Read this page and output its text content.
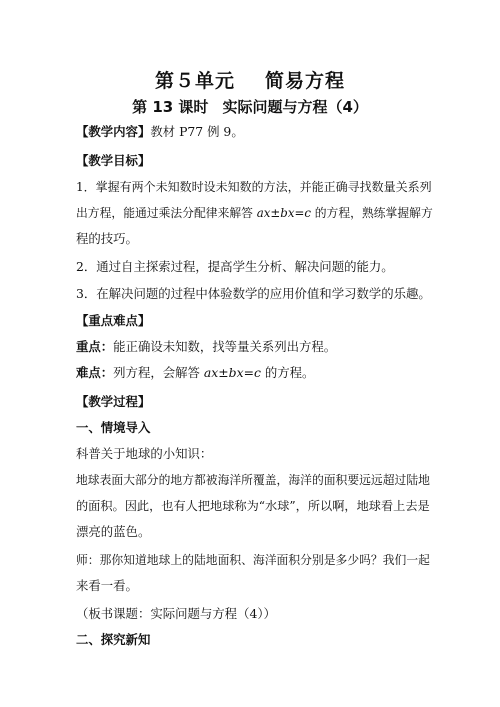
第５单元 简易方程
第 13 课时 实际问题与方程（4）
【教学内容】教材 P77 例 9。
【教学目标】
1．掌握有两个未知数时设未知数的方法，并能正确寻找数量关系列
出方程，能通过乘法分配律来解答 ax±bx=c 的方程，熟练掌握解方
程的技巧。
2．通过自主探索过程，提高学生分析、解决问题的能力。
3．在解决问题的过程中体验数学的应用价值和学习数学的乐趣。
【重点难点】
重点：能正确设未知数，找等量关系列出方程。
难点：列方程，会解答 ax±bx=c 的方程。
【教学过程】
一、情境导入
科普关于地球的小知识：
地球表面大部分的地方都被海洋所覆盖，海洋的面积要远远超过陆地
的面积。因此，也有人把地球称为“水球”，所以啊，地球看上去是
漂亮的蓝色。
师：那你知道地球上的陆地面积、海洋面积分别是多少吗？我们一起
来看一看。
（板书课题：实际问题与方程（4））
二、探究新知
